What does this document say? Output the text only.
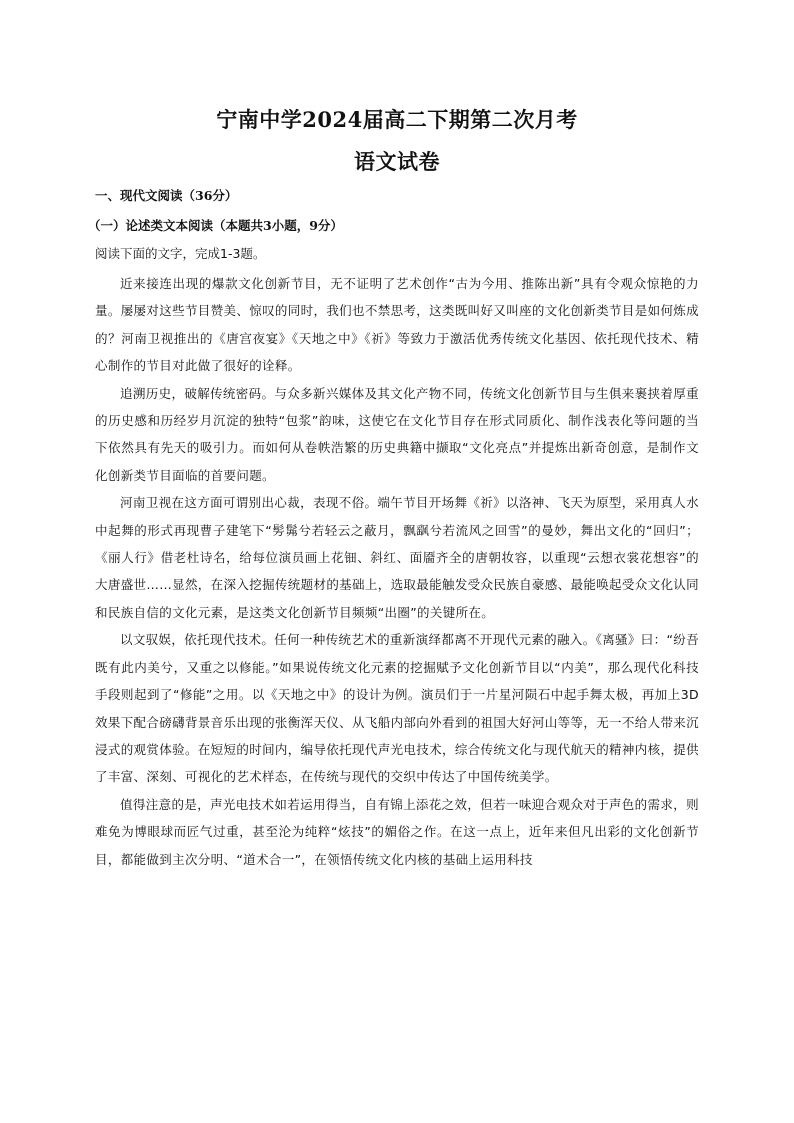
宁南中学2024届高二下期第二次月考
语文试卷
一、现代文阅读（36分）
（一）论述类文本阅读（本题共3小题，9分）
阅读下面的文字，完成1-3题。

近来接连出现的爆款文化创新节目，无不证明了艺术创作“古为今用、推陈出新”具有令观众惊艳的力量。屡屡对这些节目赞美、惊叹的同时，我们也不禁思考，这类既叫好又叫座的文化创新类节目是如何炼成的？河南卫视推出的《唐宫夜宴》《天地之中》《祈》等致力于激活优秀传统文化基因、依托现代技术、精心制作的节目对此做了很好的诠释。

追溯历史，破解传统密码。与众多新兴媒体及其文化产物不同，传统文化创新节目与生俱来裹挟着厚重的历史感和历经岁月沉淀的独特“包浆”韵味，这使它在文化节目存在形式同质化、制作浅表化等问题的当下依然具有先天的吸引力。而如何从卷帙浩繁的历史典籍中撷取“文化亮点”并提炼出新奇创意，是制作文化创新类节目面临的首要问题。

河南卫视在这方面可谓别出心裁，表现不俗。端午节目开场舞《祈》以洛神、飞天为原型，采用真人水中起舞的形式再现曹子建笔下“髣髴兮若轻云之蔽月，飘飖兮若流风之回雪”的曼妙，舞出文化的“回归”；《丽人行》借老杜诗名，给每位演员画上花钿、斜红、面靥齐全的唐朝妆容，以重现“云想衣裳花想容”的大唐盛世……显然，在深入挖掘传统题材的基础上，选取最能触发受众民族自豪感、最能唤起受众文化认同和民族自信的文化元素，是这类文化创新节目频频“出圈”的关键所在。

以文驭娱，依托现代技术。任何一种传统艺术的重新演绎都离不开现代元素的融入。《离骚》曰：“纷吾既有此内美兮，又重之以修能。”如果说传统文化元素的挖掘赋予文化创新节目以“内美”，那么现代化科技手段则起到了“修能”之用。以《天地之中》的设计为例。演员们于一片星河陨石中起手舞太极，再加上3D效果下配合磅礴背景音乐出现的张衡浑天仪、从飞船内部向外看到的祖国大好河山等等，无一不给人带来沉浸式的观赏体验。在短短的时间内，编导依托现代声光电技术，综合传统文化与现代航天的精神内核，提供了丰富、深刻、可视化的艺术样态，在传统与现代的交织中传达了中国传统美学。

值得注意的是，声光电技术如若运用得当，自有锦上添花之效，但若一味迎合观众对于声色的需求，则难免为博眼球而匠气过重，甚至沦为纯粹“炫技”的媚俗之作。在这一点上，近年来但凡出彩的文化创新节目，都能做到主次分明、“道术合一”，在领悟传统文化内核的基础上运用科技
